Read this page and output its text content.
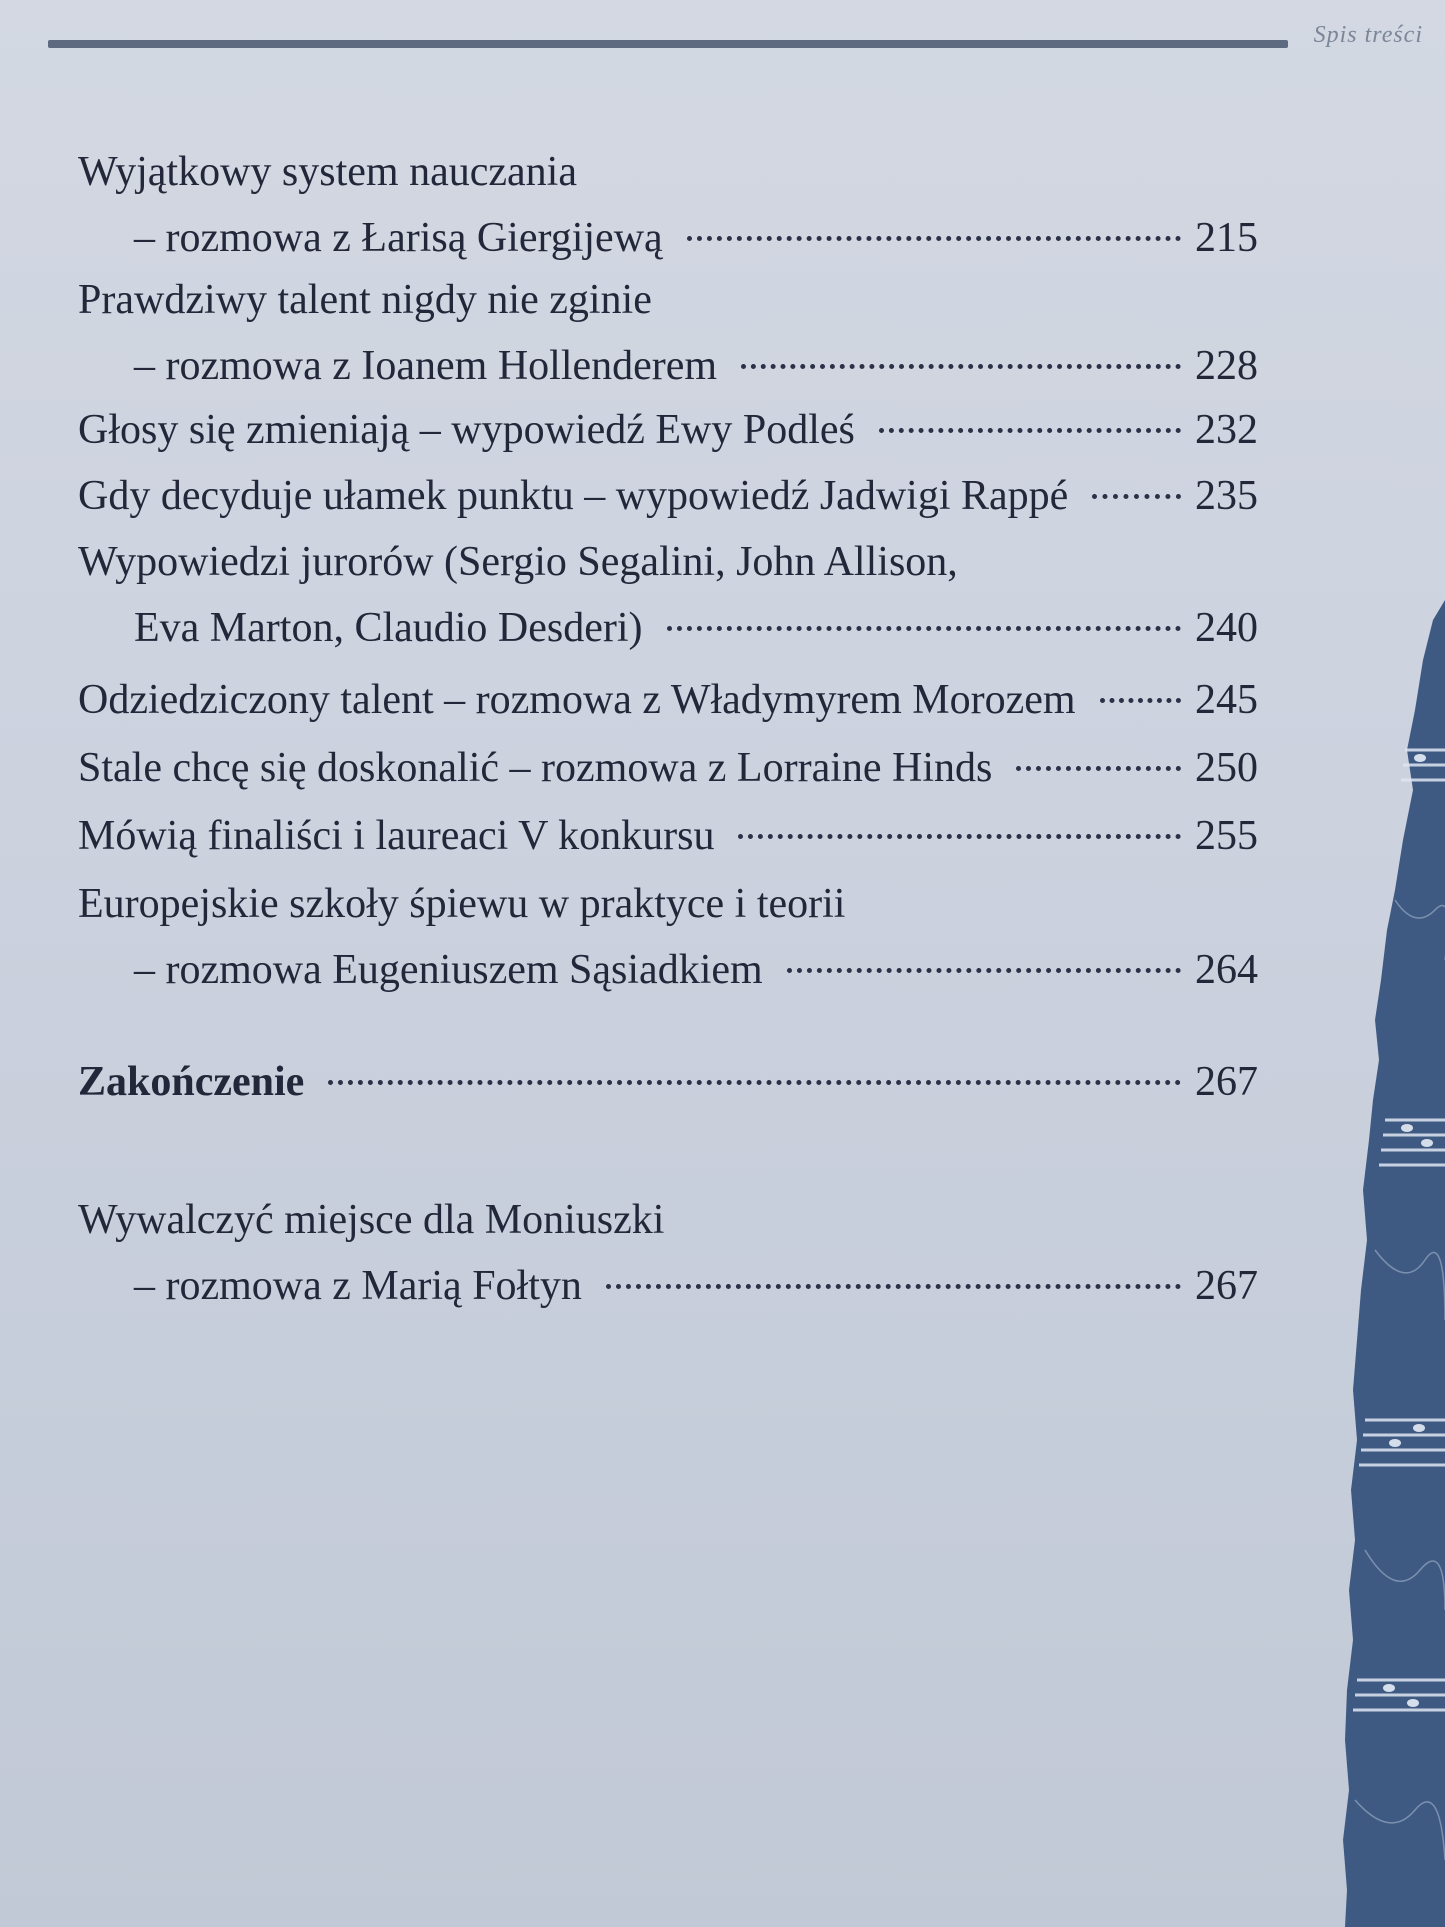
Spis treści
Wyjątkowy system nauczania
– rozmowa z Łarisą Giergijewą	215
Prawdziwy talent nigdy nie zginie
– rozmowa z Ioanem Hollenderem	228
Głosy się zmieniają – wypowiedź Ewy Podleś	232
Gdy decyduje ułamek punktu – wypowiedź Jadwigi Rappé	235
Wypowiedzi jurorów (Sergio Segalini, John Allison,
Eva Marton, Claudio Desderi)	240
Odziedziczony talent – rozmowa z Władymyrem Morozem	245
Stale chcę się doskonalić – rozmowa z Lorraine Hinds	250
Mówią finaliści i laureaci V konkursu	255
Europejskie szkoły śpiewu w praktyce i teorii
– rozmowa Eugeniuszem Sąsiadkiem	264
Zakończenie	267
Wywalczyć miejsce dla Moniuszki
– rozmowa z Marią Fołtyn	267
